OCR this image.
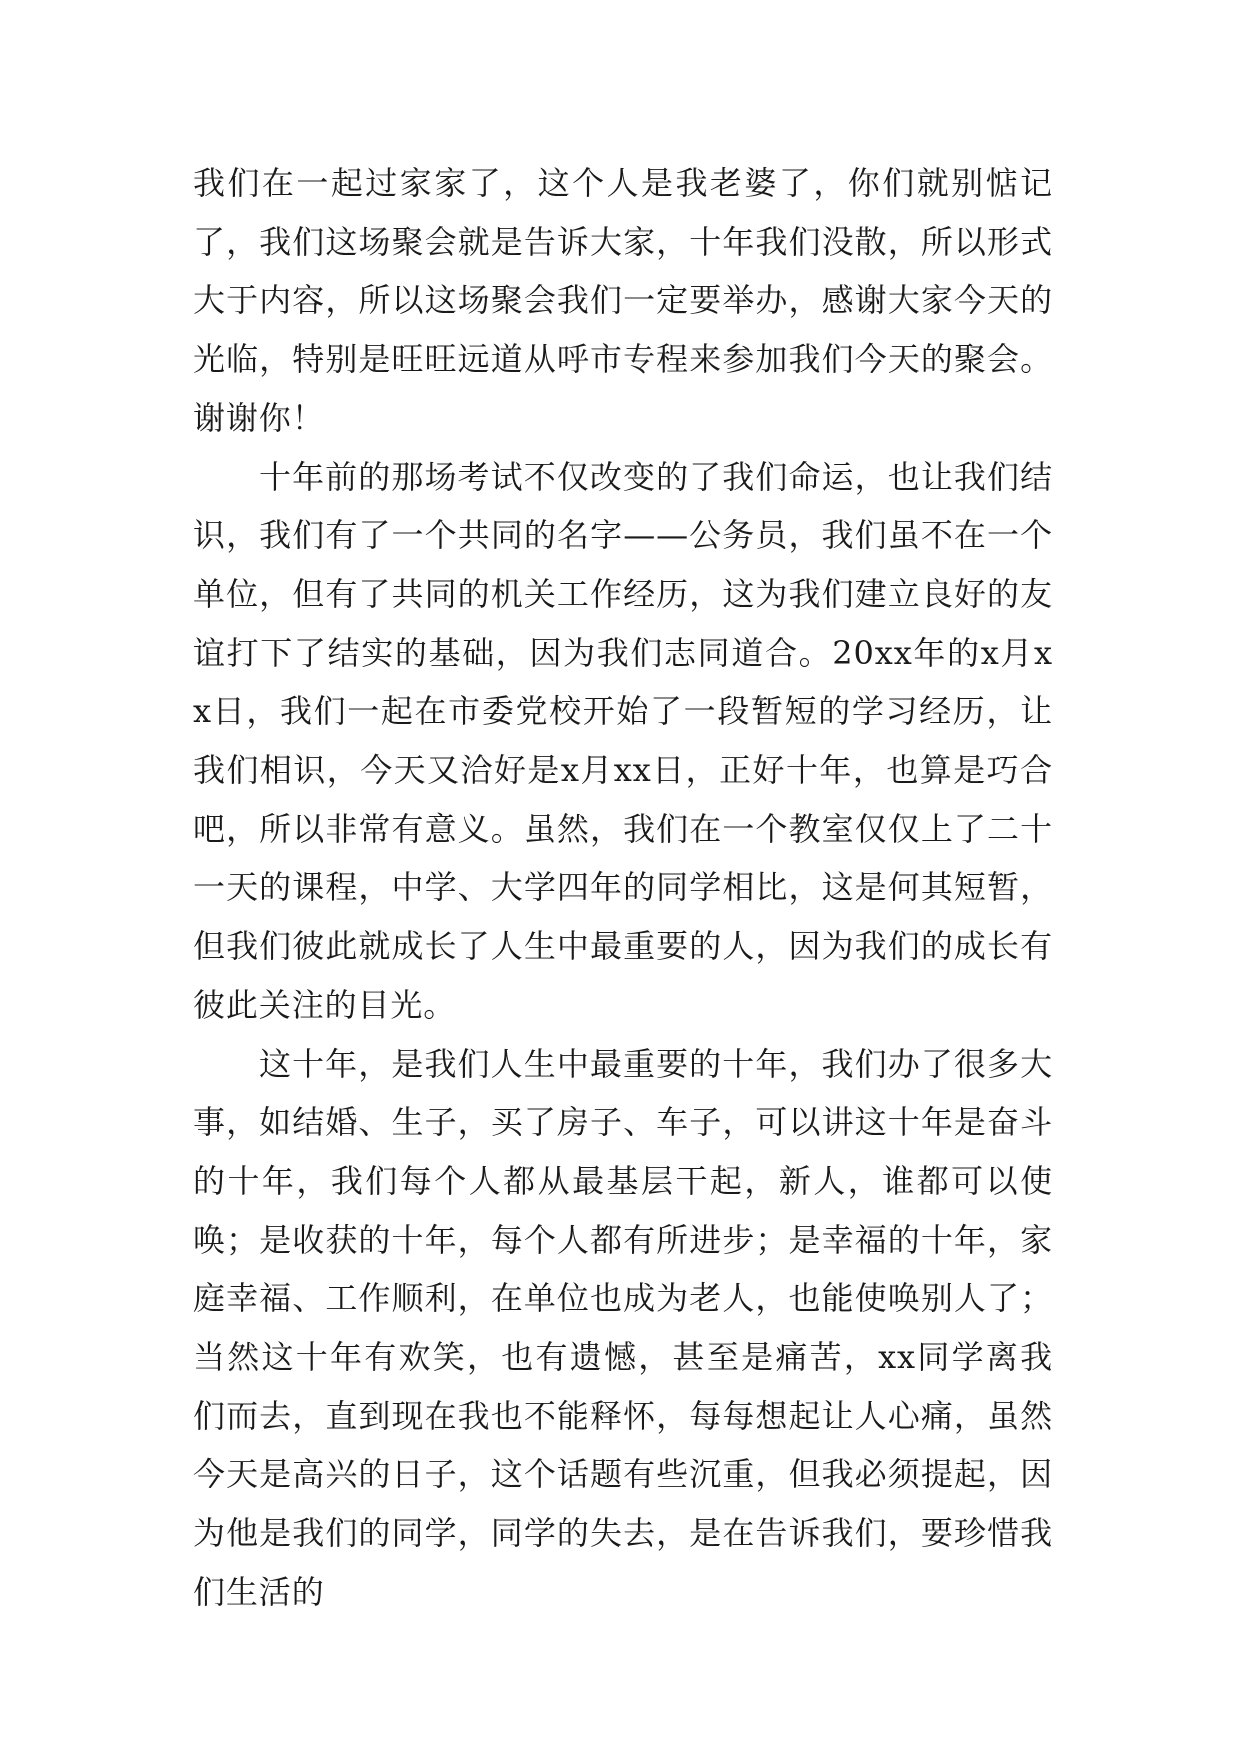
我们在一起过家家了，这个人是我老婆了，你们就别惦记了，我们这场聚会就是告诉大家，十年我们没散，所以形式大于内容，所以这场聚会我们一定要举办，感谢大家今天的光临，特别是旺旺远道从呼市专程来参加我们今天的聚会。谢谢你！

十年前的那场考试不仅改变的了我们命运，也让我们结识，我们有了一个共同的名字——公务员，我们虽不在一个单位，但有了共同的机关工作经历，这为我们建立良好的友谊打下了结实的基础，因为我们志同道合。20xx年的x月xx日，我们一起在市委党校开始了一段暂短的学习经历，让我们相识，今天又洽好是x月xx日，正好十年，也算是巧合吧，所以非常有意义。虽然，我们在一个教室仅仅上了二十一天的课程，中学、大学四年的同学相比，这是何其短暂，但我们彼此就成长了人生中最重要的人，因为我们的成长有彼此关注的目光。

这十年，是我们人生中最重要的十年，我们办了很多大事，如结婚、生子，买了房子、车子，可以讲这十年是奋斗的十年，我们每个人都从最基层干起，新人，谁都可以使唤；是收获的十年，每个人都有所进步；是幸福的十年，家庭幸福、工作顺利，在单位也成为老人，也能使唤别人了；当然这十年有欢笑，也有遗憾，甚至是痛苦，xx同学离我们而去，直到现在我也不能释怀，每每想起让人心痛，虽然今天是高兴的日子，这个话题有些沉重，但我必须提起，因为他是我们的同学，同学的失去，是在告诉我们，要珍惜我们生活的
